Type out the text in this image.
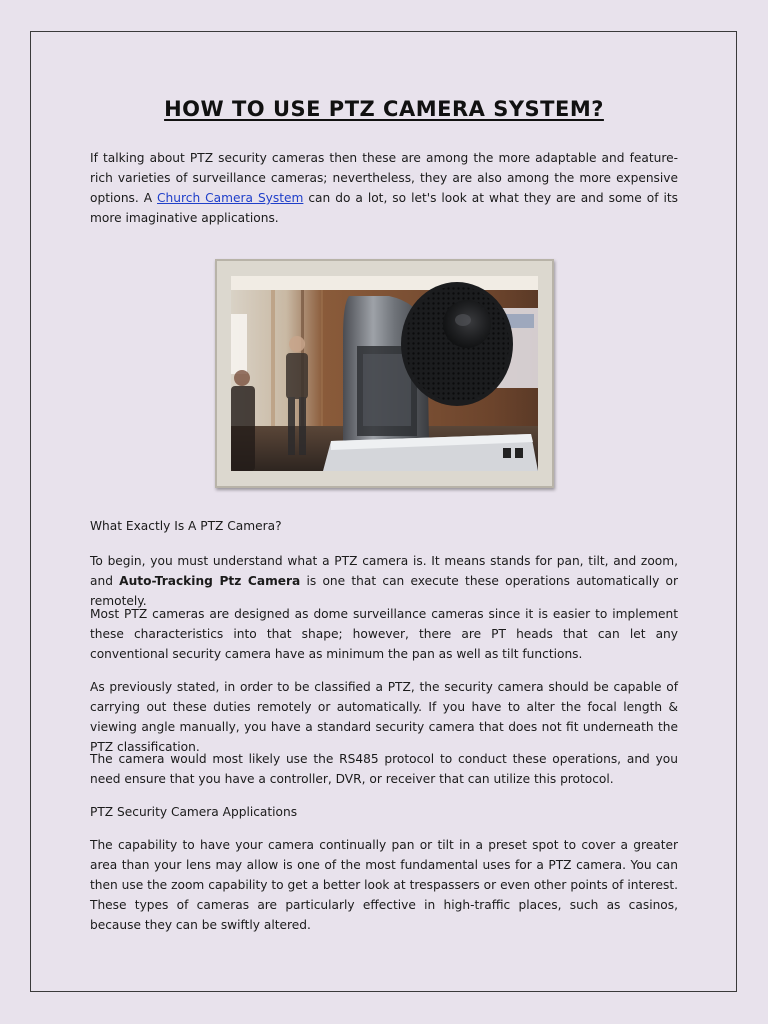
HOW TO USE PTZ CAMERA SYSTEM?

If talking about PTZ security cameras then these are among the more adaptable and feature-rich varieties of surveillance cameras; nevertheless, they are also among the more expensive options. A Church Camera System can do a lot, so let's look at what they are and some of its more imaginative applications.

What Exactly Is A PTZ Camera?

To begin, you must understand what a PTZ camera is. It means stands for pan, tilt, and zoom, and Auto-Tracking Ptz Camera is one that can execute these operations automatically or remotely.

Most PTZ cameras are designed as dome surveillance cameras since it is easier to implement these characteristics into that shape; however, there are PT heads that can let any conventional security camera have as minimum the pan as well as tilt functions.

As previously stated, in order to be classified a PTZ, the security camera should be capable of carrying out these duties remotely or automatically. If you have to alter the focal length & viewing angle manually, you have a standard security camera that does not fit underneath the PTZ classification.

The camera would most likely use the RS485 protocol to conduct these operations, and you need ensure that you have a controller, DVR, or receiver that can utilize this protocol.

PTZ Security Camera Applications

The capability to have your camera continually pan or tilt in a preset spot to cover a greater area than your lens may allow is one of the most fundamental uses for a PTZ camera. You can then use the zoom capability to get a better look at trespassers or even other points of interest. These types of cameras are particularly effective in high-traffic places, such as casinos, because they can be swiftly altered.
